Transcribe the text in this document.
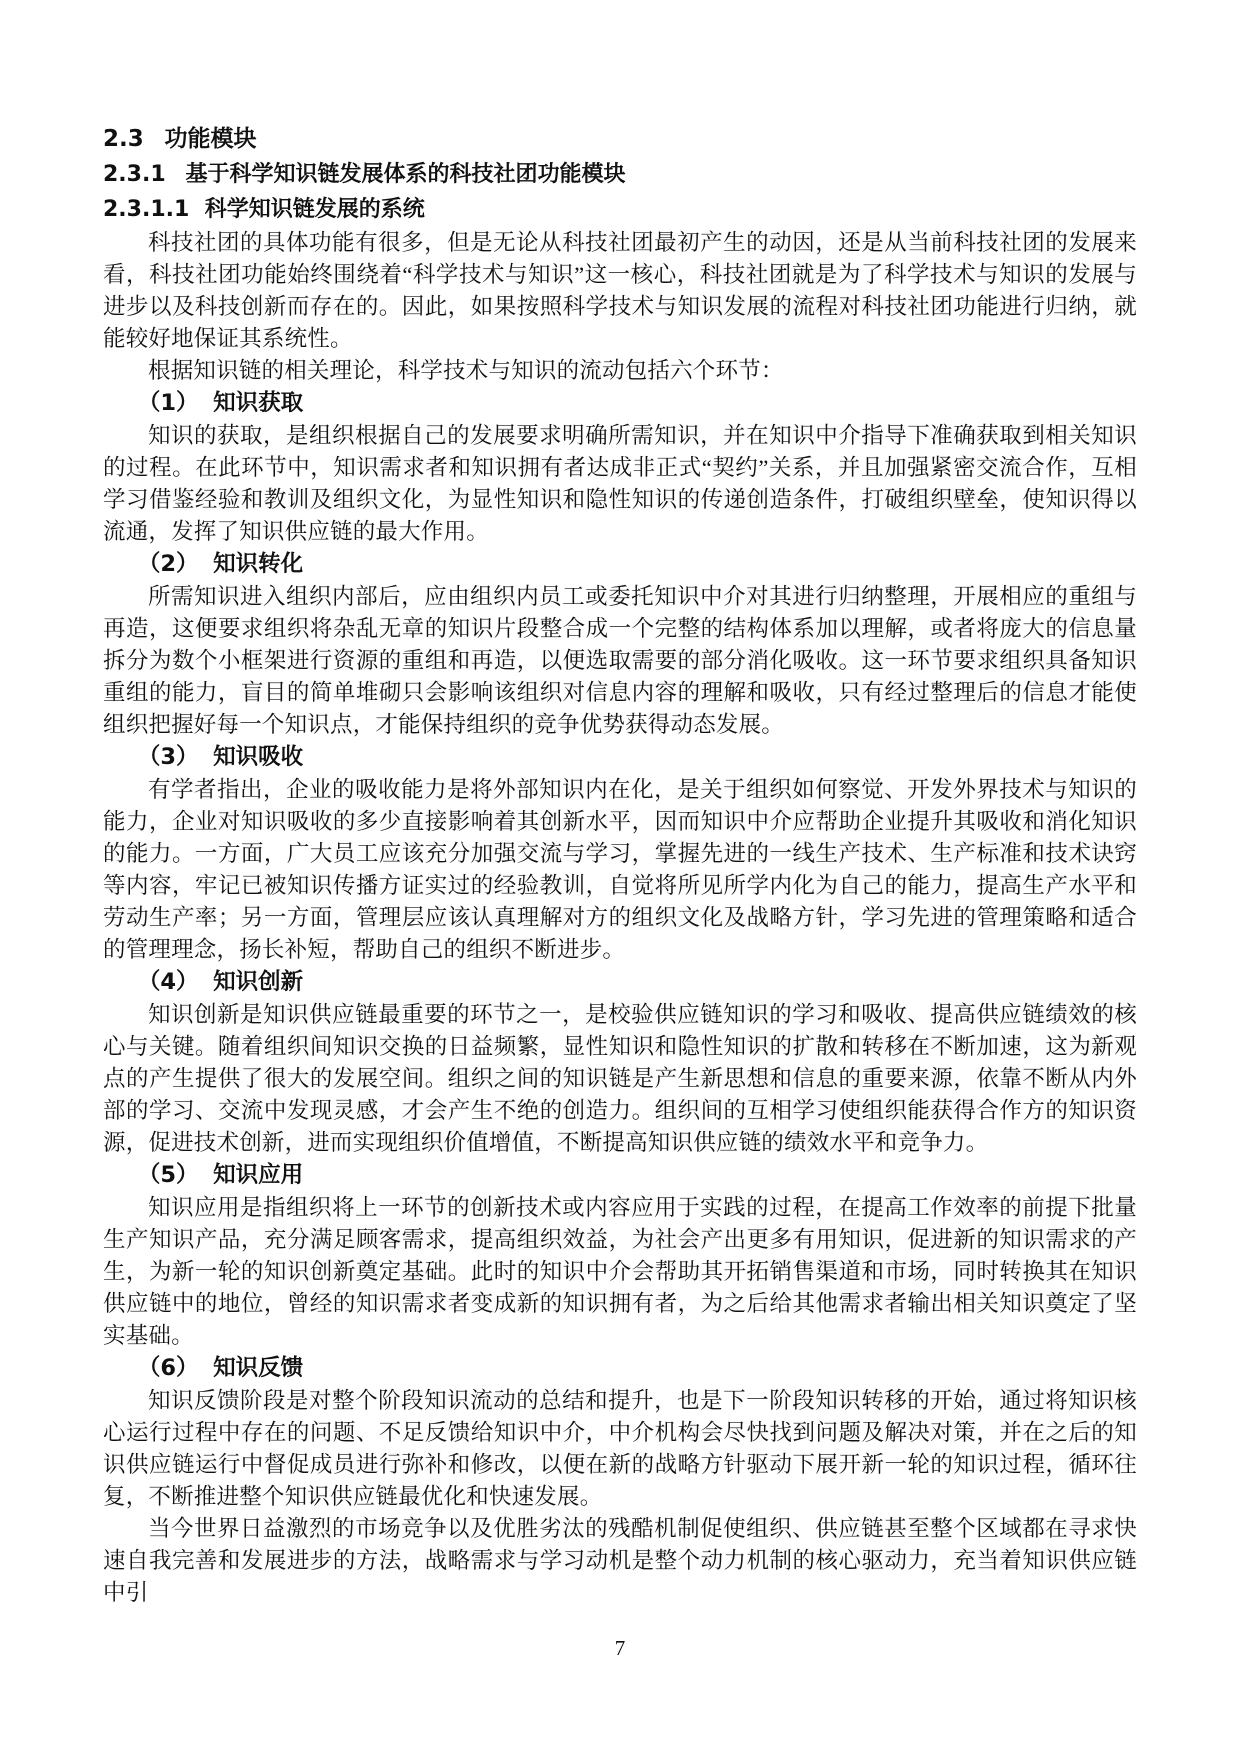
2.3 功能模块
2.3.1 基于科学知识链发展体系的科技社团功能模块
2.3.1.1 科学知识链发展的系统

科技社团的具体功能有很多，但是无论从科技社团最初产生的动因，还是从当前科技社团的发展来看，科技社团功能始终围绕着“科学技术与知识”这一核心，科技社团就是为了科学技术与知识的发展与进步以及科技创新而存在的。因此，如果按照科学技术与知识发展的流程对科技社团功能进行归纳，就能较好地保证其系统性。

根据知识链的相关理论，科学技术与知识的流动包括六个环节：

（1） 知识获取

知识的获取，是组织根据自己的发展要求明确所需知识，并在知识中介指导下准确获取到相关知识的过程。在此环节中，知识需求者和知识拥有者达成非正式“契约”关系，并且加强紧密交流合作，互相学习借鉴经验和教训及组织文化，为显性知识和隐性知识的传递创造条件，打破组织壁垒，使知识得以流通，发挥了知识供应链的最大作用。

（2） 知识转化

所需知识进入组织内部后，应由组织内员工或委托知识中介对其进行归纳整理，开展相应的重组与再造，这便要求组织将杂乱无章的知识片段整合成一个完整的结构体系加以理解，或者将庞大的信息量拆分为数个小框架进行资源的重组和再造，以便选取需要的部分消化吸收。这一环节要求组织具备知识重组的能力，盲目的简单堆砌只会影响该组织对信息内容的理解和吸收，只有经过整理后的信息才能使组织把握好每一个知识点，才能保持组织的竞争优势获得动态发展。

（3） 知识吸收

有学者指出，企业的吸收能力是将外部知识内在化，是关于组织如何察觉、开发外界技术与知识的能力，企业对知识吸收的多少直接影响着其创新水平，因而知识中介应帮助企业提升其吸收和消化知识的能力。一方面，广大员工应该充分加强交流与学习，掌握先进的一线生产技术、生产标准和技术诀窍等内容，牢记已被知识传播方证实过的经验教训，自觉将所见所学内化为自己的能力，提高生产水平和劳动生产率；另一方面，管理层应该认真理解对方的组织文化及战略方针，学习先进的管理策略和适合的管理理念，扬长补短，帮助自己的组织不断进步。

（4） 知识创新

知识创新是知识供应链最重要的环节之一，是校验供应链知识的学习和吸收、提高供应链绩效的核心与关键。随着组织间知识交换的日益频繁，显性知识和隐性知识的扩散和转移在不断加速，这为新观点的产生提供了很大的发展空间。组织之间的知识链是产生新思想和信息的重要来源，依靠不断从内外部的学习、交流中发现灵感，才会产生不绝的创造力。组织间的互相学习使组织能获得合作方的知识资源，促进技术创新，进而实现组织价值增值，不断提高知识供应链的绩效水平和竞争力。

（5） 知识应用

知识应用是指组织将上一环节的创新技术或内容应用于实践的过程，在提高工作效率的前提下批量生产知识产品，充分满足顾客需求，提高组织效益，为社会产出更多有用知识，促进新的知识需求的产生，为新一轮的知识创新奠定基础。此时的知识中介会帮助其开拓销售渠道和市场，同时转换其在知识供应链中的地位，曾经的知识需求者变成新的知识拥有者，为之后给其他需求者输出相关知识奠定了坚实基础。

（6） 知识反馈

知识反馈阶段是对整个阶段知识流动的总结和提升，也是下一阶段知识转移的开始，通过将知识核心运行过程中存在的问题、不足反馈给知识中介，中介机构会尽快找到问题及解决对策，并在之后的知识供应链运行中督促成员进行弥补和修改，以便在新的战略方针驱动下展开新一轮的知识过程，循环往复，不断推进整个知识供应链最优化和快速发展。

当今世界日益激烈的市场竞争以及优胜劣汰的残酷机制促使组织、供应链甚至整个区域都在寻求快速自我完善和发展进步的方法，战略需求与学习动机是整个动力机制的核心驱动力，充当着知识供应链中引

7
